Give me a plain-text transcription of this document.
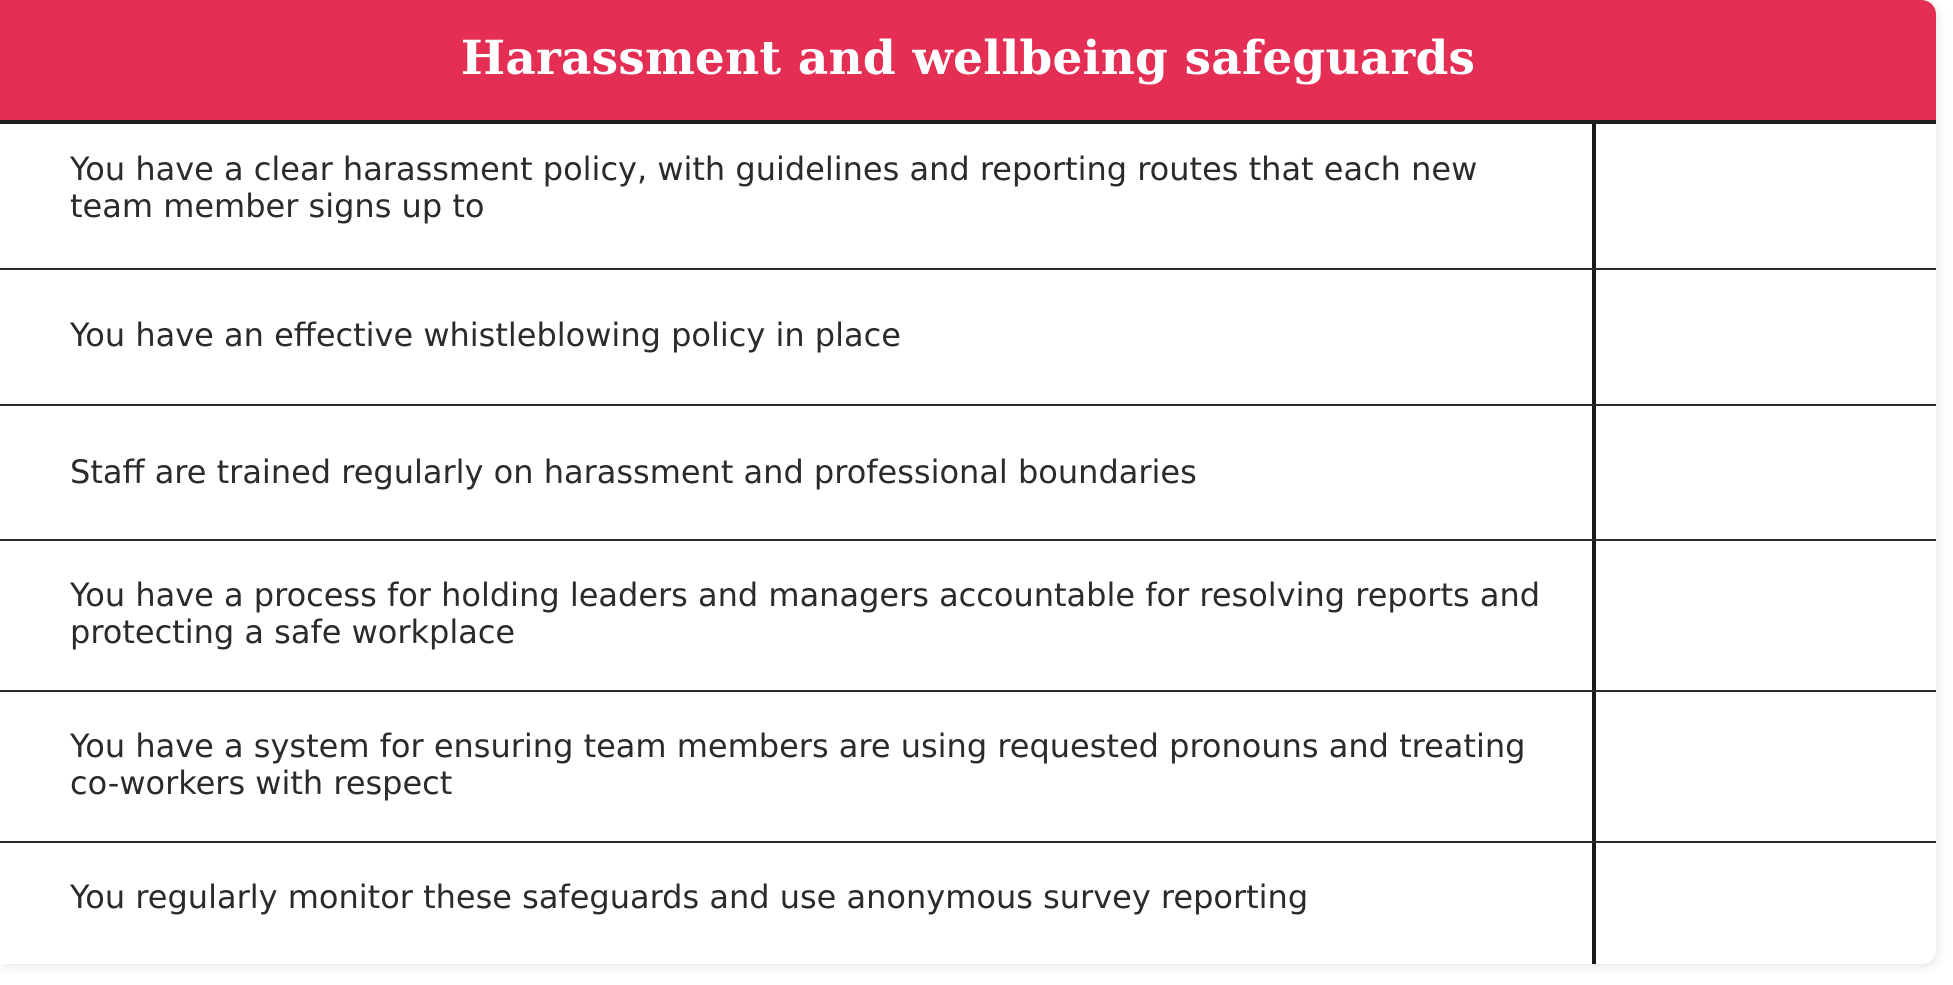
Harassment and wellbeing safeguards
You have a clear harassment policy, with guidelines and reporting routes that each new team member signs up to
You have an effective whistleblowing policy in place
Staff are trained regularly on harassment and professional boundaries
You have a process for holding leaders and managers accountable for resolving reports and protecting a safe workplace
You have a system for ensuring team members are using requested pronouns and treating co-workers with respect
You regularly monitor these safeguards and use anonymous survey reporting
